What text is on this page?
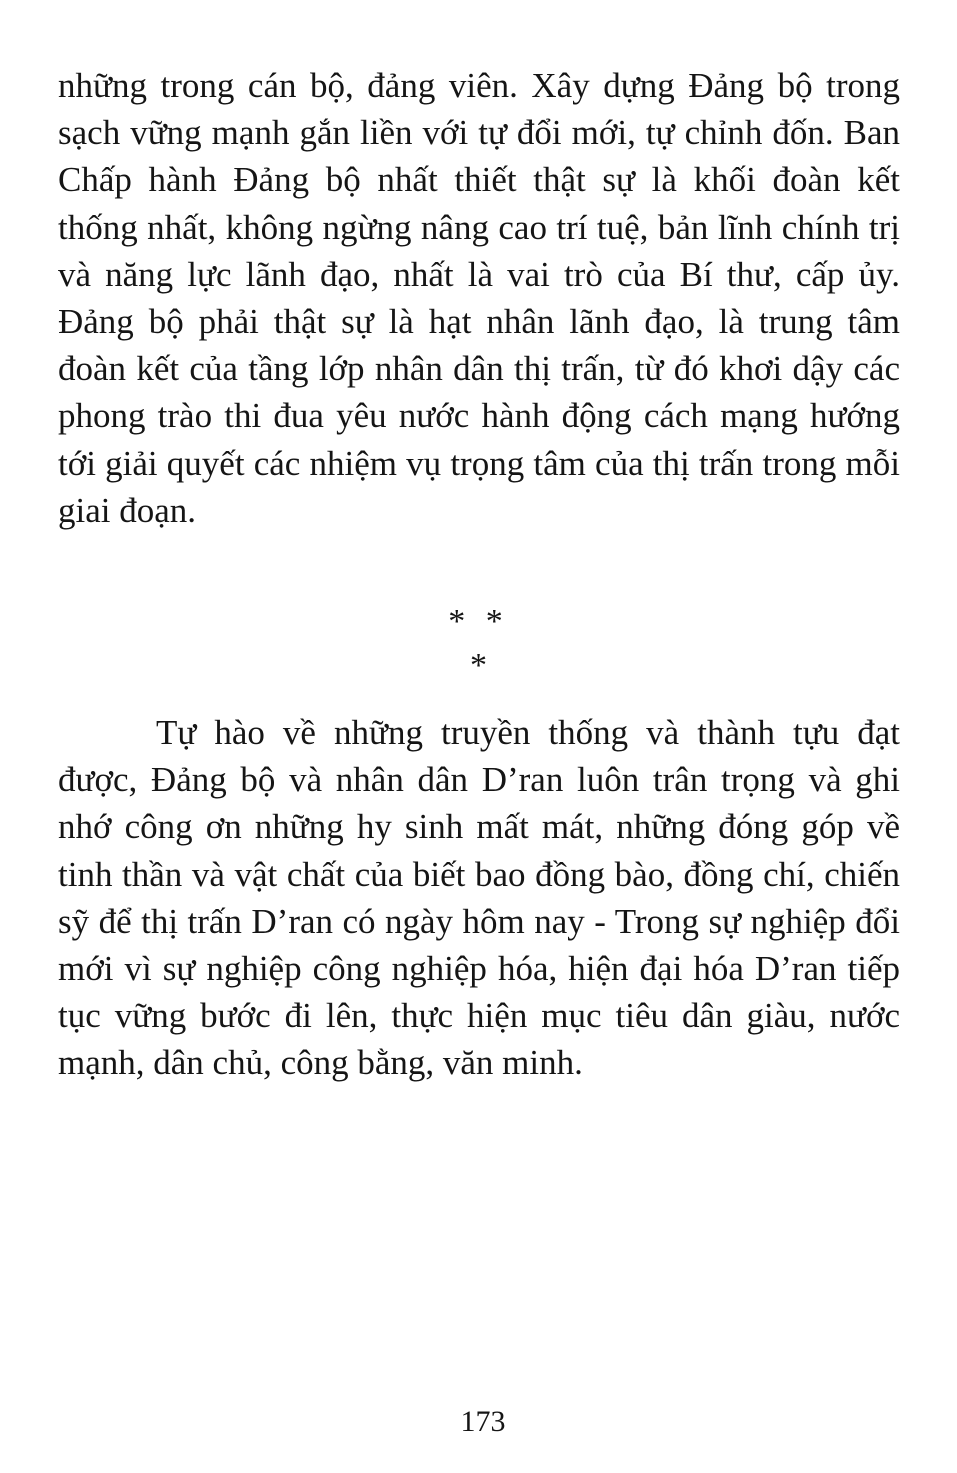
những trong cán bộ, đảng viên. Xây dựng Đảng bộ trong sạch vững mạnh gắn liền với tự đổi mới, tự chỉnh đốn. Ban Chấp hành Đảng bộ nhất thiết thật sự là khối đoàn kết thống nhất, không ngừng nâng cao trí tuệ, bản lĩnh chính trị và năng lực lãnh đạo, nhất là vai trò của Bí thư, cấp ủy. Đảng bộ phải thật sự là hạt nhân lãnh đạo, là trung tâm đoàn kết của tầng lớp nhân dân thị trấn, từ đó khơi dậy các phong trào thi đua yêu nước hành động cách mạng hướng tới giải quyết các nhiệm vụ trọng tâm của thị trấn trong mỗi giai đoạn.

* *
*

Tự hào về những truyền thống và thành tựu đạt được, Đảng bộ và nhân dân D’ran luôn trân trọng và ghi nhớ công ơn những hy sinh mất mát, những đóng góp về tinh thần và vật chất của biết bao đồng bào, đồng chí, chiến sỹ để thị trấn D’ran có ngày hôm nay - Trong sự nghiệp đổi mới vì sự nghiệp công nghiệp hóa, hiện đại hóa D’ran tiếp tục vững bước đi lên, thực hiện mục tiêu dân giàu, nước mạnh, dân chủ, công bằng, văn minh.

173
